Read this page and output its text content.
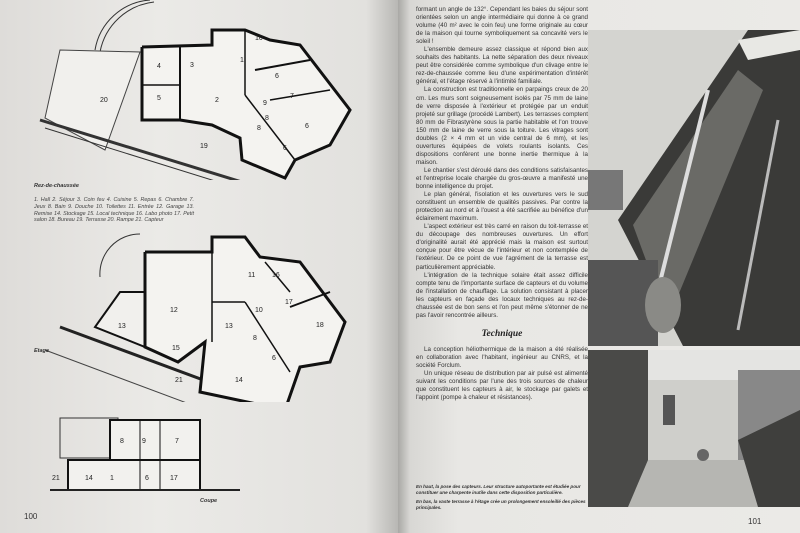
4
5
3
2
1
10
6
9
7
8
8
6
6
19
20
Rez-de-chaussée
1. Hall 2. Séjour 3. Coin feu 4. Cuisine 5. Repas 6. Chambre 7. Jeux 8. Bain 9. Douche 10. Toilettes 11. Entrée 12. Garage 13. Remise 14. Stockage 15. Local technique 16. Labo photo 17. Petit salon 18. Bureau 19. Terrasse 20. Rampe 21. Capteur
11 16
17
18
12
15
13	13
10
8
6
14
21
Etage
8	9	7
21	14 1	6	17
Coupe
100

formant un angle de 132°. Cependant les baies du séjour sont orientées selon un angle intermédiaire qui donne à ce grand volume (40 m² avec le coin feu) une forme originale au cœur de la maison qui tourne symboliquement sa concavité vers le soleil !

L'ensemble demeure assez classique et répond bien aux souhaits des habitants. La nette séparation des deux niveaux peut être considérée comme symbolique d'un clivage entre le rez-de-chaussée comme lieu d'une expérimentation d'intérêt général, et l'étage réservé à l'intimité familiale.

La construction est traditionnelle en parpaings creux de 20 cm. Les murs sont soigneusement isolés par 75 mm de laine de verre disposée à l'extérieur et protégée par un enduit projeté sur grillage (procédé Lambert). Les terrasses comptent 80 mm de Fibrastyrène sous la partie habitable et l'on trouve 150 mm de laine de verre sous la toiture. Les vitrages sont doubles (2 × 4 mm et un vide central de 6 mm), et les ouvertures équipées de volets roulants isolants. Ces dispositions confèrent une bonne inertie thermique à la maison.

Le chantier s'est déroulé dans des conditions satisfaisantes et l'entreprise locale chargée du gros-œuvre a manifesté une bonne intelligence du projet.

Le plan général, l'isolation et les ouvertures vers le sud constituent un ensemble de qualités passives. Par contre la protection au nord et à l'ouest a été sacrifiée au bénéfice d'un éclairement maximum.

L'aspect extérieur est très carré en raison du toit-terrasse et du découpage des nombreuses ouvertures. Un effort d'originalité aurait été apprécié mais la maison est surtout conçue pour être vécue de l'intérieur et non contemplée de l'extérieur. De ce point de vue l'agrément de la terrasse est particulièrement appréciable.

L'intégration de la technique solaire était assez difficile compte tenu de l'importante surface de capteurs et du volume de l'installation de chauffage. La solution consistant à placer les capteurs en façade des locaux techniques au rez-de-chaussée est de bon sens et l'on peut même s'étonner de ne pas l'avoir rencontrée ailleurs.

Technique

La conception héliothermique de la maison a été réalisée en collaboration avec l'habitant, ingénieur au CNRS, et la société Forclum.

Un unique réseau de distribution par air pulsé est alimenté suivant les conditions par l'une des trois sources de chaleur que constituent les capteurs à air, le stockage par galets et l'appoint (pompe à chaleur et résistances).

En haut, la pose des capteurs. Leur structure autoportante est étudiée pour constituer une charpente inutile dans cette disposition particulière.

En bas, la vaste terrasse à l'étage crée un prolongement ensoleillé des pièces principales.

101
